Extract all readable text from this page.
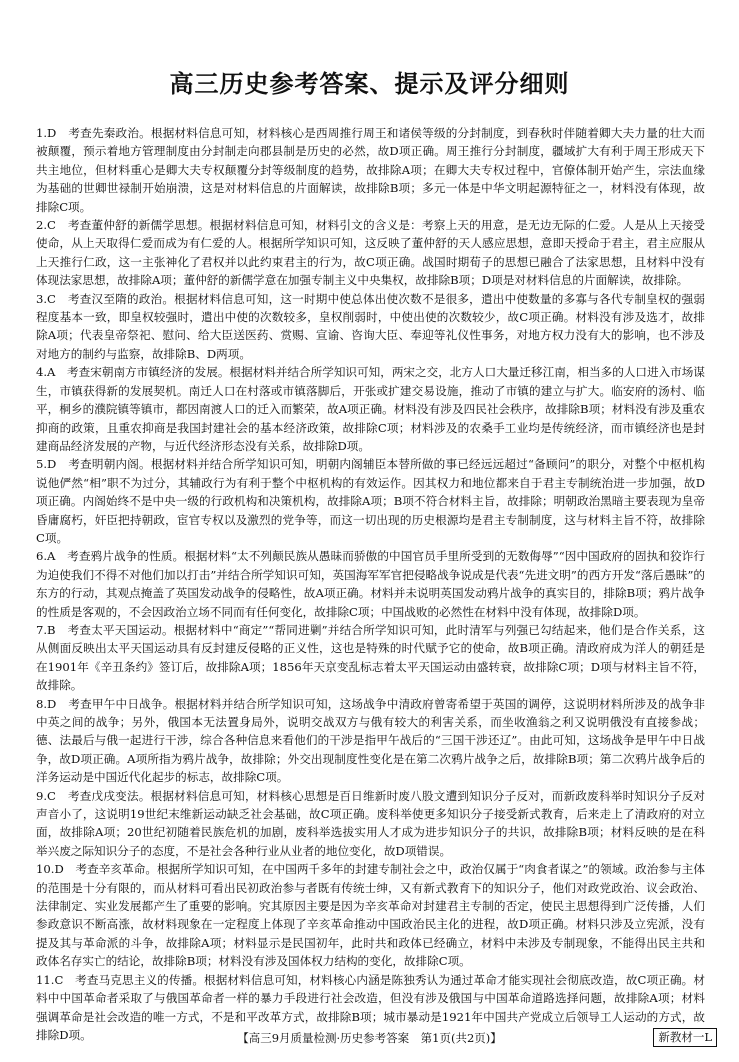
高三历史参考答案、提示及评分细则

1.D　 考查先秦政治。根据材料信息可知，材料核心是西周推行周王和诸侯等级的分封制度，到春秋时伴随着卿大夫力量的壮大而被颠覆，预示着地方管理制度由分封制走向郡县制是历史的必然，故D项正确。周王推行分封制度，疆域扩大有利于周王形成天下共主地位，但材料重心是卿大夫专权颠覆分封等级制度的趋势，故排除A项；在卿大夫专权过程中，官僚体制开始产生，宗法血缘为基础的世卿世禄制开始崩溃，这是对材料信息的片面解读，故排除B项；多元一体是中华文明起源特征之一，材料没有体现，故排除C项。

2.C　 考查董仲舒的新儒学思想。根据材料信息可知，材料引文的含义是：考察上天的用意，是无边无际的仁爱。人是从上天接受使命，从上天取得仁爱而成为有仁爱的人。根据所学知识可知，这反映了董仲舒的天人感应思想，意即天授命于君主，君主应服从上天推行仁政，这一主张神化了君权并以此约束君主的行为，故C项正确。战国时期荀子的思想已融合了法家思想，且材料中没有体现法家思想，故排除A项；董仲舒的新儒学意在加强专制主义中央集权，故排除B项；D项是对材料信息的片面解读，故排除。

3.C　 考查汉至隋的政治。根据材料信息可知，这一时期中使总体出使次数不是很多，遣出中使数量的多寡与各代专制皇权的强弱程度基本一致，即皇权较强时，遣出中使的次数较多，皇权削弱时，中使出使的次数较少，故C项正确。材料没有涉及选才，故排除A项；代表皇帝祭祀、慰问、给大臣送医药、赏赐、宣谕、咨询大臣、奉迎等礼仪性事务，对地方权力没有大的影响，也不涉及对地方的制约与监察，故排除B、D两项。

4.A　 考查宋朝南方市镇经济的发展。根据材料并结合所学知识可知，两宋之交，北方人口大量迁移江南，相当多的人口进入市场谋生，市镇获得新的发展契机。南迁人口在村落或市镇落脚后，开张或扩建交易设施，推动了市镇的建立与扩大。临安府的汤村、临平，桐乡的濮院镇等镇市，都因南渡人口的迁入而繁荣，故A项正确。材料没有涉及四民社会秩序，故排除B项；材料没有涉及重农抑商的政策，且重农抑商是我国封建社会的基本经济政策，故排除C项；材料涉及的农桑手工业均是传统经济，而市镇经济也是封建商品经济发展的产物，与近代经济形态没有关系，故排除D项。

5.D　 考查明朝内阁。根据材料并结合所学知识可知，明朝内阁辅臣本替所做的事已经远远超过“备顾问”的职分，对整个中枢机构说他俨然“相”职不为过分，其辅政行为有利于整个中枢机构的有效运作。因其权力和地位都来自于君主专制统治进一步加强，故D项正确。内阁始终不是中央一级的行政机构和决策机构，故排除A项；B项不符合材料主旨，故排除；明朝政治黑暗主要表现为皇帝昏庸腐朽，奸臣把持朝政，宦官专权以及激烈的党争等，而这一切出现的历史根源均是君主专制制度，这与材料主旨不符，故排除C项。

6.A　 考查鸦片战争的性质。根据材料“太不列颠民族从愚昧而骄傲的中国官员手里所受到的无数侮辱”“因中国政府的固执和狡诈行为迫使我们不得不对他们加以打击”并结合所学知识可知，英国海军军官把侵略战争说成是代表“先进文明”的西方开发“落后愚昧”的东方的行动，其观点掩盖了英国发动战争的侵略性，故A项正确。材料并未说明英国发动鸦片战争的真实目的，排除B项；鸦片战争的性质是客观的，不会因政治立场不同而有任何变化，故排除C项；中国战败的必然性在材料中没有体现，故排除D项。

7.B　 考查太平天国运动。根据材料中“商定”“帮同进剿”并结合所学知识可知，此时清军与列强已勾结起来，他们是合作关系，这从侧面反映出太平天国运动具有反封建反侵略的正义性，这也是特殊的时代赋予它的使命，故B项正确。清政府成为洋人的朝廷是在1901年《辛丑条约》签订后，故排除A项；1856年天京变乱标志着太平天国运动由盛转衰，故排除C项；D项与材料主旨不符，故排除。

8.D　 考查甲午中日战争。根据材料并结合所学知识可知，这场战争中清政府曾寄希望于英国的调停，这说明材料所涉及的战争非中英之间的战争；另外，俄国本无法置身局外，说明交战双方与俄有较大的利害关系，而坐收渔翁之利又说明俄没有直接参战；德、法最后与俄一起进行干涉，综合各种信息来看他们的干涉是指甲午战后的“三国干涉还辽”。由此可知，这场战争是甲午中日战争，故D项正确。A项所指为鸦片战争，故排除；外交出现制度性变化是在第二次鸦片战争之后，故排除B项；第二次鸦片战争后的洋务运动是中国近代化起步的标志，故排除C项。

9.C　 考查戊戌变法。根据材料信息可知，材料核心思想是百日维新时废八股文遭到知识分子反对，而新政废科举时知识分子反对声音小了，这说明19世纪末维新运动缺乏社会基础，故C项正确。废科举使更多知识分子接受新式教育，后来走上了清政府的对立面，故排除A项；20世纪初随着民族危机的加剧，废科举选拔实用人才成为进步知识分子的共识，故排除B项；材料反映的是在科举兴废之际知识分子的态度，不是社会各种行业从业者的地位变化，故D项错误。

10.D　 考查辛亥革命。根据所学知识可知，在中国两千多年的封建专制社会之中，政治仅属于“肉食者谋之”的领域。政治参与主体的范围是十分有限的，而从材料可看出民初政治参与者既有传统士绅，又有新式教育下的知识分子，他们对政党政治、议会政治、法律制定、实业发展都产生了重要的影响。究其原因主要是因为辛亥革命对封建君主专制的否定，使民主思想得到广泛传播，人们参政意识不断高涨，故材料现象在一定程度上体现了辛亥革命推动中国政治民主化的进程，故D项正确。材料只涉及立宪派，没有提及其与革命派的斗争，故排除A项；材料显示是民国初年，此时共和政体已经确立，材料中未涉及专制现象，不能得出民主共和政体名存实亡的结论，故排除B项；材料没有涉及国体权力结构的变化，故排除C项。

11.C　 考查马克思主义的传播。根据材料信息可知，材料核心内涵是陈独秀认为通过革命才能实现社会彻底改造，故C项正确。材料中中国革命者采取了与俄国革命者一样的暴力手段进行社会改造，但没有涉及俄国与中国革命道路选择问题，故排除A项；材料强调革命是社会改造的唯一方式，不是和平改革方式，故排除B项；城市暴动是1921年中国共产党成立后领导工人运动的方式，故排除D项。	【高三9月质量检测·历史参考答案　第1页(共2页)】	新教材一L
